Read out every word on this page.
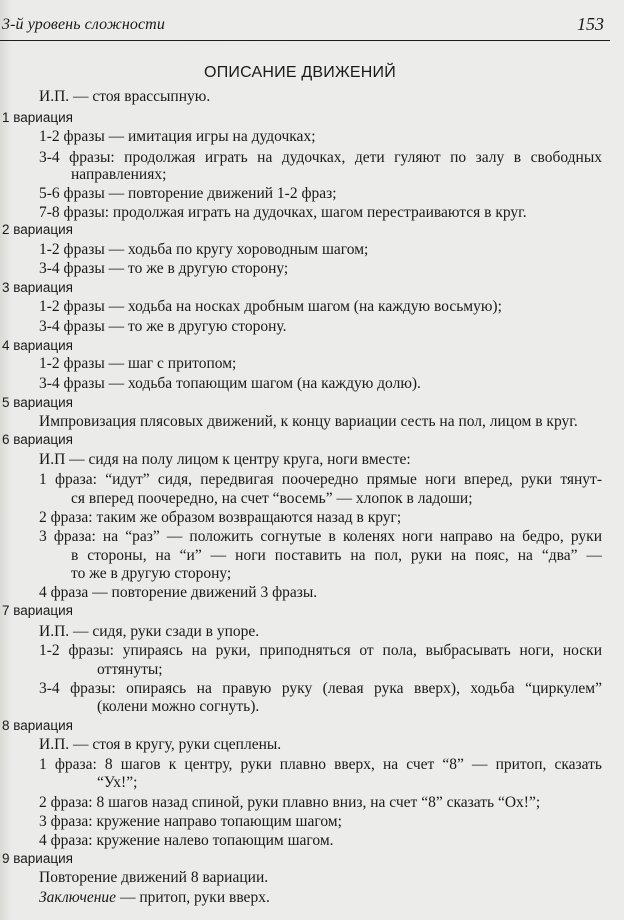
3-й уровень сложности	153
ОПИСАНИЕ ДВИЖЕНИЙ
И.П. — стоя врассыпную.
1 вариация
1-2 фразы — имитация игры на дудочках;
3-4 фразы: продолжая играть на дудочках, дети гуляют по залу в свободных
направлениях;
5-6 фразы — повторение движений 1-2 фраз;
7-8 фразы: продолжая играть на дудочках, шагом перестраиваются в круг.
2 вариация
1-2 фразы — ходьба по кругу хороводным шагом;
3-4 фразы — то же в другую сторону;
3 вариация
1-2 фразы — ходьба на носках дробным шагом (на каждую восьмую);
3-4 фразы — то же в другую сторону.
4 вариация
1-2 фразы — шаг с притопом;
3-4 фразы — ходьба топающим шагом (на каждую долю).
5 вариация
Импровизация плясовых движений, к концу вариации сесть на пол, лицом в круг.
6 вариация
И.П — сидя на полу лицом к центру круга, ноги вместе:
1 фраза: “идут” сидя, передвигая поочередно прямые ноги вперед, руки тянут-
ся вперед поочередно, на счет “восемь” — хлопок в ладоши;
2 фраза: таким же образом возвращаются назад в круг;
3 фраза: на “раз” — положить согнутые в коленях ноги направо на бедро, руки
в стороны, на “и” — ноги поставить на пол, руки на пояс, на “два” —
то же в другую сторону;
4 фраза — повторение движений 3 фразы.
7 вариация
И.П. — сидя, руки сзади в упоре.
1-2 фразы: упираясь на руки, приподняться от пола, выбрасывать ноги, носки
оттянуты;
3-4 фразы: опираясь на правую руку (левая рука вверх), ходьба “циркулем”
(колени можно согнуть).
8 вариация
И.П. — стоя в кругу, руки сцеплены.
1 фраза: 8 шагов к центру, руки плавно вверх, на счет “8” — притоп, сказать
“Ух!”;
2 фраза: 8 шагов назад спиной, руки плавно вниз, на счет “8” сказать “Ох!”;
3 фраза: кружение направо топающим шагом;
4 фраза: кружение налево топающим шагом.
9 вариация
Повторение движений 8 вариации.
Заключение — притоп, руки вверх.
